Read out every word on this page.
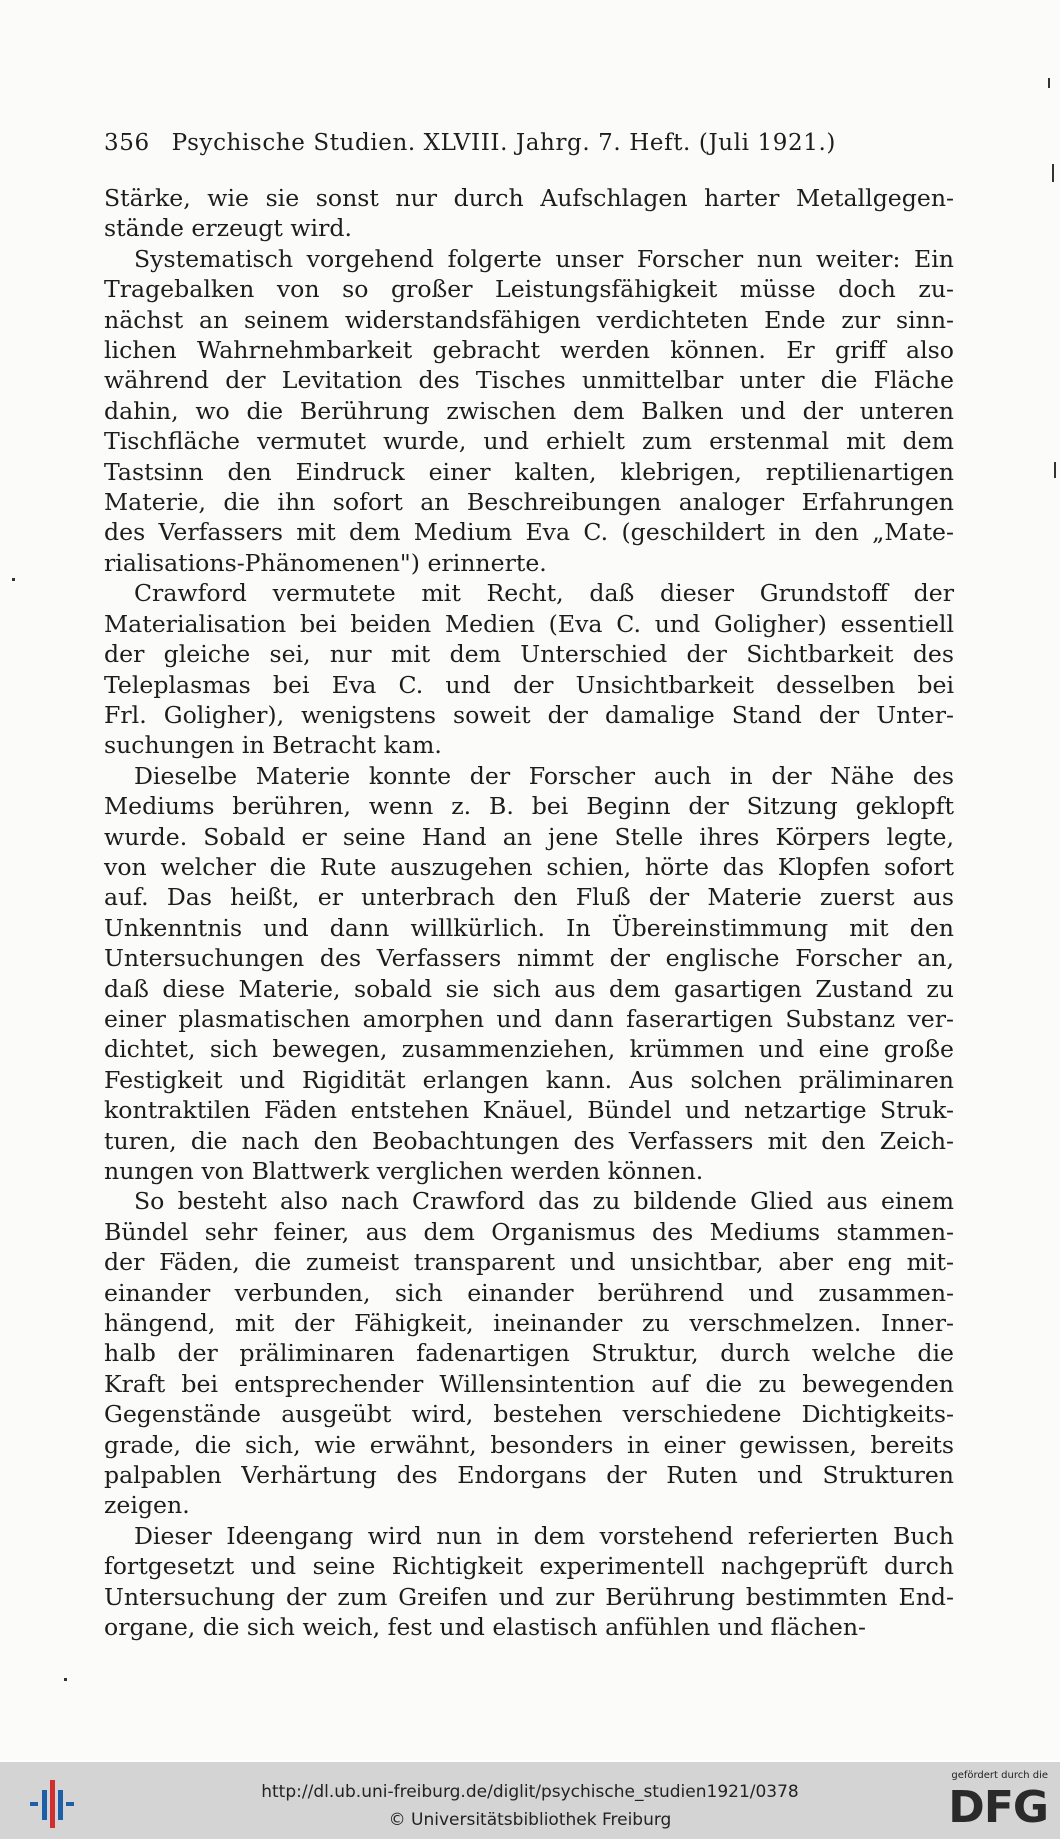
356 Psychische Studien. XLVIII. Jahrg. 7. Heft. (Juli 1921.)
Stärke, wie sie sonst nur durch Aufschlagen harter Metallgegen-
stände erzeugt wird.
Systematisch vorgehend folgerte unser Forscher nun weiter: Ein
Tragebalken von so großer Leistungsfähigkeit müsse doch zu-
nächst an seinem widerstandsfähigen verdichteten Ende zur sinn-
lichen Wahrnehmbarkeit gebracht werden können. Er griff also
während der Levitation des Tisches unmittelbar unter die Fläche
dahin, wo die Berührung zwischen dem Balken und der unteren
Tischfläche vermutet wurde, und erhielt zum erstenmal mit dem
Tastsinn den Eindruck einer kalten, klebrigen, reptilienartigen
Materie, die ihn sofort an Beschreibungen analoger Erfahrungen
des Verfassers mit dem Medium Eva C. (geschildert in den „Mate-
rialisations-Phänomenen") erinnerte.
Crawford vermutete mit Recht, daß dieser Grundstoff der
Materialisation bei beiden Medien (Eva C. und Goligher) essentiell
der gleiche sei, nur mit dem Unterschied der Sichtbarkeit des
Teleplasmas bei Eva C. und der Unsichtbarkeit desselben bei
Frl. Goligher), wenigstens soweit der damalige Stand der Unter-
suchungen in Betracht kam.
Dieselbe Materie konnte der Forscher auch in der Nähe des
Mediums berühren, wenn z. B. bei Beginn der Sitzung geklopft
wurde. Sobald er seine Hand an jene Stelle ihres Körpers legte,
von welcher die Rute auszugehen schien, hörte das Klopfen sofort
auf. Das heißt, er unterbrach den Fluß der Materie zuerst aus
Unkenntnis und dann willkürlich. In Übereinstimmung mit den
Untersuchungen des Verfassers nimmt der englische Forscher an,
daß diese Materie, sobald sie sich aus dem gasartigen Zustand zu
einer plasmatischen amorphen und dann faserartigen Substanz ver-
dichtet, sich bewegen, zusammenziehen, krümmen und eine große
Festigkeit und Rigidität erlangen kann. Aus solchen präliminaren
kontraktilen Fäden entstehen Knäuel, Bündel und netzartige Struk-
turen, die nach den Beobachtungen des Verfassers mit den Zeich-
nungen von Blattwerk verglichen werden können.
So besteht also nach Crawford das zu bildende Glied aus einem
Bündel sehr feiner, aus dem Organismus des Mediums stammen-
der Fäden, die zumeist transparent und unsichtbar, aber eng mit-
einander verbunden, sich einander berührend und zusammen-
hängend, mit der Fähigkeit, ineinander zu verschmelzen. Inner-
halb der präliminaren fadenartigen Struktur, durch welche die
Kraft bei entsprechender Willensintention auf die zu bewegenden
Gegenstände ausgeübt wird, bestehen verschiedene Dichtigkeits-
grade, die sich, wie erwähnt, besonders in einer gewissen, bereits
palpablen Verhärtung des Endorgans der Ruten und Strukturen
zeigen.
Dieser Ideengang wird nun in dem vorstehend referierten Buch
fortgesetzt und seine Richtigkeit experimentell nachgeprüft durch
Untersuchung der zum Greifen und zur Berührung bestimmten End-
organe, die sich weich, fest und elastisch anfühlen und flächen-
http://dl.ub.uni-freiburg.de/diglit/psychische_studien1921/0378
© Universitätsbibliothek Freiburg
gefördert durch die
DFG
